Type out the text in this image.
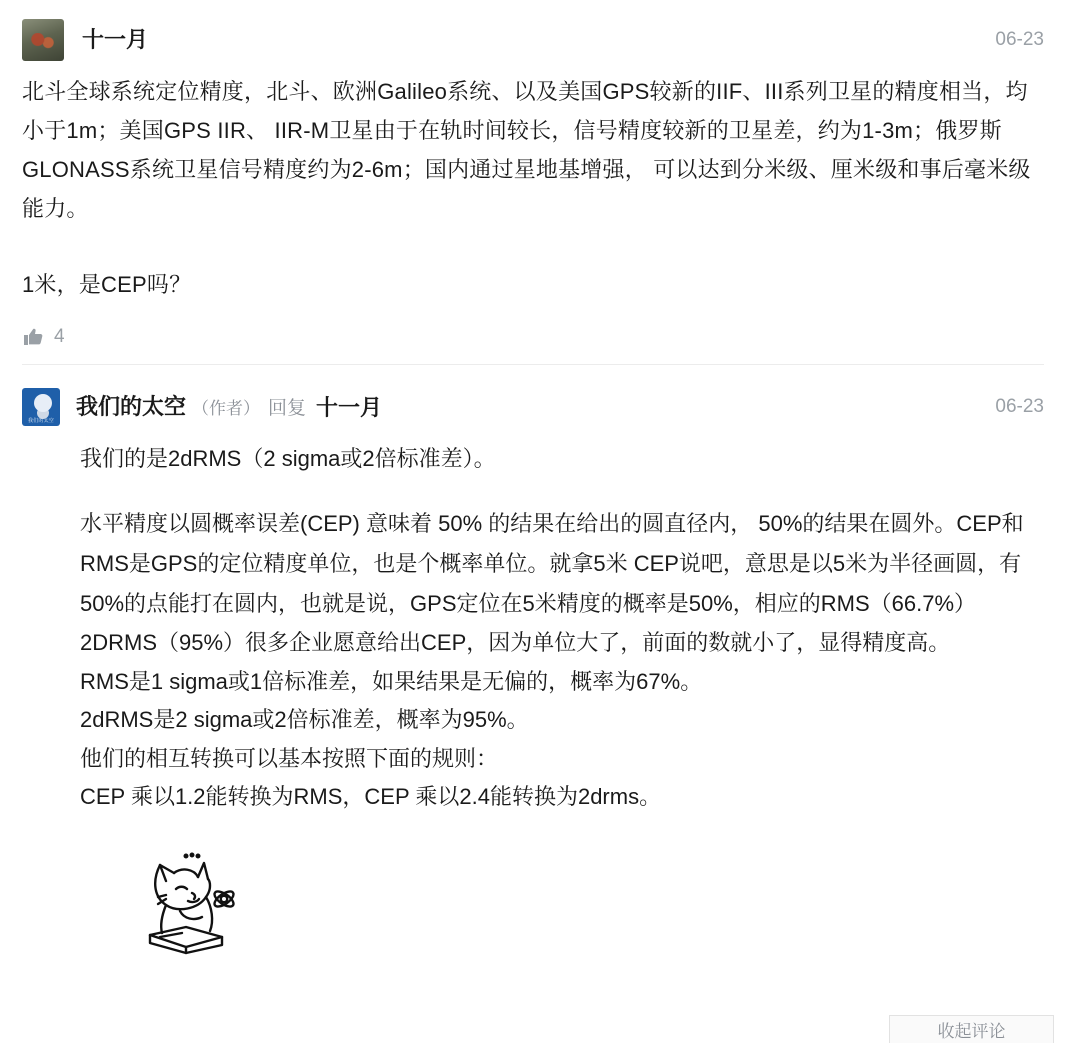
十一月	06-23
北斗全球系统定位精度，北斗、欧洲Galileo系统、以及美国GPS较新的IIF、III系列卫星的精度相当，均小于1m；美国GPS IIR、 IIR-M卫星由于在轨时间较长，信号精度较新的卫星差，约为1-3m；俄罗斯GLONASS系统卫星信号精度约为2-6m；国内通过星地基增强， 可以达到分米级、厘米级和事后毫米级能力。
1米，是CEP吗？
4
我们的太空
我们的太空 （作者） 回复 十一月	06-23
我们的是2dRMS（2 sigma或2倍标准差）。
水平精度以圆概率误差(CEP) 意味着 50% 的结果在给出的圆直径内， 50%的结果在圆外。CEP和RMS是GPS的定位精度单位，也是个概率单位。就拿5米 CEP说吧，意思是以5米为半径画圆，有50%的点能打在圆内，也就是说，GPS定位在5米精度的概率是50%，相应的RMS（66.7%）2DRMS（95%）很多企业愿意给出CEP，因为单位大了，前面的数就小了，显得精度高。
RMS是1 sigma或1倍标准差，如果结果是无偏的，概率为67%。
2dRMS是2 sigma或2倍标准差，概率为95%。
他们的相互转换可以基本按照下面的规则：
CEP 乘以1.2能转换为RMS，CEP 乘以2.4能转换为2drms。
收起评论
